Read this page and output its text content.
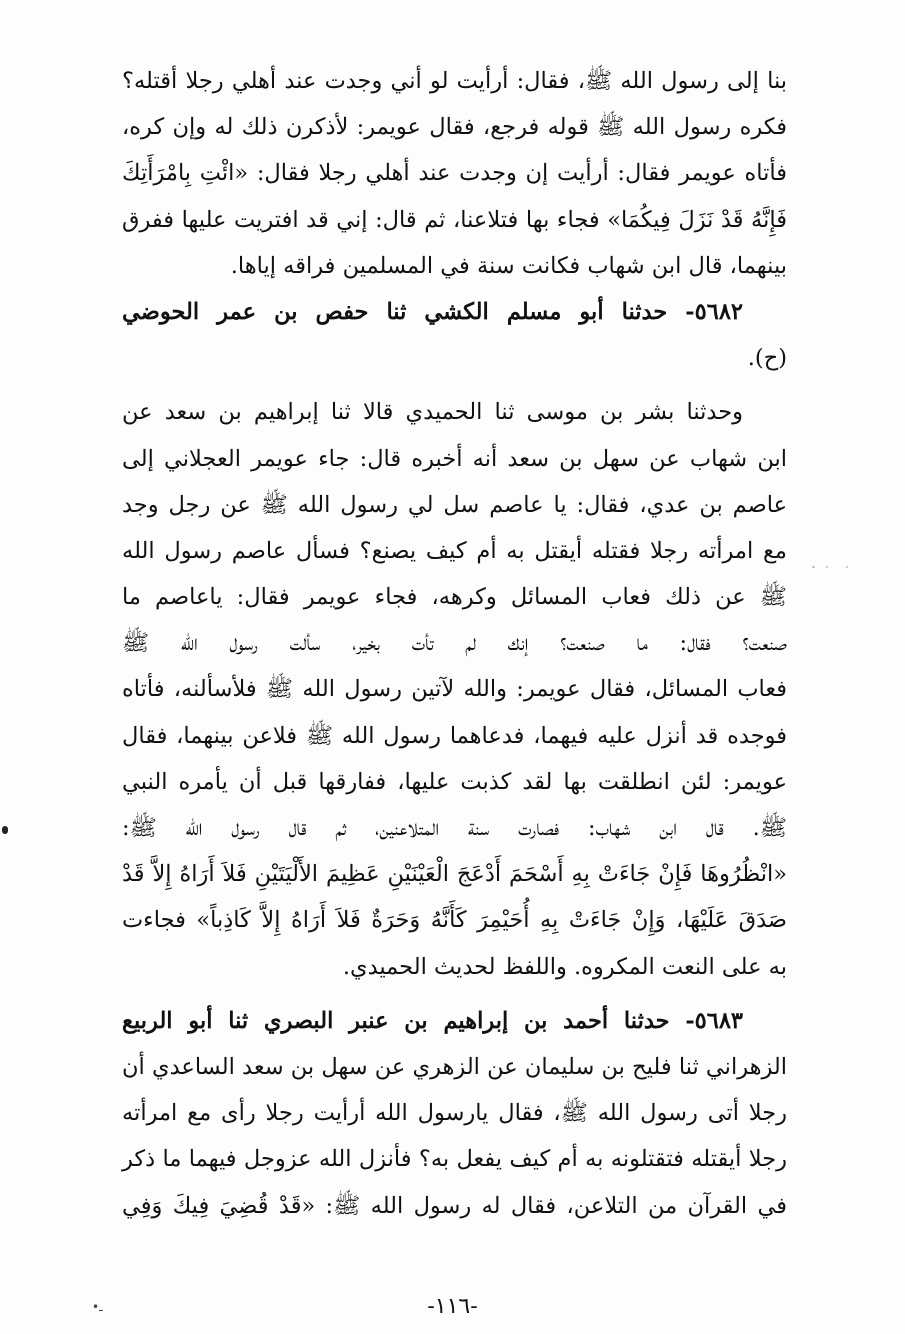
بنا إلى رسول الله ﷺ، فقال: أرأيت لو أني وجدت عند أهلي رجلا أقتله؟
فكره رسول الله ﷺ قوله فرجع، فقال عويمر: لأذكرن ذلك له وإن كره،
فأتاه عويمر فقال: أرأيت إن وجدت عند أهلي رجلا فقال: «ائْتِ بِامْرَأَتِكَ
فَإِنَّهُ قَدْ نَزَلَ فِيكُمَا» فجاء بها فتلاعنا، ثم قال: إني قد افتريت عليها ففرق
بينهما، قال ابن شهاب فكانت سنة في المسلمين فراقه إياها.
٥٦٨٢- حدثنا أبو مسلم الكشي ثنا حفص بن عمر الحوضي
(ح).
وحدثنا بشر بن موسى ثنا الحميدي قالا ثنا إبراهيم بن سعد عن
ابن شهاب عن سهل بن سعد أنه أخبره قال: جاء عويمر العجلاني إلى
عاصم بن عدي، فقال: يا عاصم سل لي رسول الله ﷺ عن رجل وجد
مع امرأته رجلا فقتله أيقتل به أم كيف يصنع؟ فسأل عاصم رسول الله
ﷺ عن ذلك فعاب المسائل وكرهه، فجاء عويمر فقال: ياعاصم ما
صنعت؟ فقال: ما صنعت؟ إنك لم تأت بخير، سألت رسول الله ﷺ
فعاب المسائل، فقال عويمر: والله لآتين رسول الله ﷺ فلأسألنه، فأتاه
فوجده قد أنزل عليه فيهما، فدعاهما رسول الله ﷺ فلاعن بينهما، فقال
عويمر: لئن انطلقت بها لقد كذبت عليها، ففارقها قبل أن يأمره النبي
ﷺ. قال ابن شهاب: فصارت سنة المتلاعنين، ثم قال رسول الله ﷺ:
«انْظُرُوهَا فَإِنْ جَاءَتْ بِهِ أَسْحَمَ أَدْعَجَ الْعَيْنَيْنِ عَظِيمَ الأَلْيَتَيْنِ فَلاَ أَرَاهُ إِلاَّ قَدْ
صَدَقَ عَلَيْهَا، وَإِنْ جَاءَتْ بِهِ أُحَيْمِرَ كَأَنَّهُ وَحَرَةٌ فَلاَ أَرَاهُ إِلاَّ كَاذِباً» فجاءت
به على النعت المكروه. واللفظ لحديث الحميدي.
٥٦٨٣- حدثنا أحمد بن إبراهيم بن عنبر البصري ثنا أبو الربيع
الزهراني ثنا فليح بن سليمان عن الزهري عن سهل بن سعد الساعدي أن
رجلا أتى رسول الله ﷺ، فقال يارسول الله أرأيت رجلا رأى مع امرأته
رجلا أيقتله فتقتلونه به أم كيف يفعل به؟ فأنزل الله عزوجل فيهما ما ذكر
في القرآن من التلاعن، فقال له رسول الله ﷺ: «قَدْ قُضِيَ فِيكَ وَفِي
•ـ	-١١٦-
